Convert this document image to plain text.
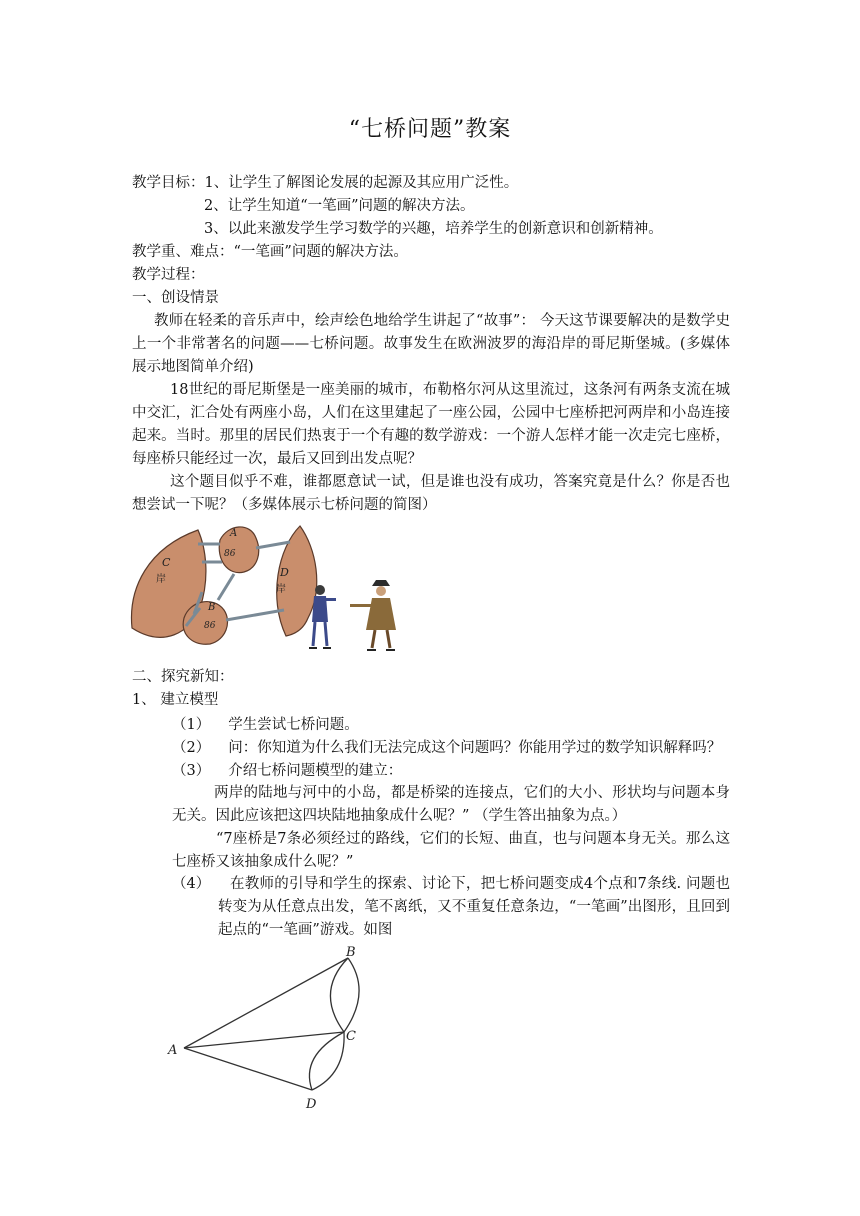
“七桥问题”教案
教学目标：1、让学生了解图论发展的起源及其应用广泛性。
2、让学生知道“一笔画”问题的解决方法。
3、以此来激发学生学习数学的兴趣，培养学生的创新意识和创新精神。
教学重、难点：“一笔画”问题的解决方法。
教学过程：
一、创设情景
教师在轻柔的音乐声中，绘声绘色地给学生讲起了“故事”： 今天这节课要解决的是数学史上一个非常著名的问题——七桥问题。故事发生在欧洲波罗的海沿岸的哥尼斯堡城。(多媒体展示地图简单介绍)
18世纪的哥尼斯堡是一座美丽的城市，布勒格尔河从这里流过，这条河有两条支流在城中交汇，汇合处有两座小岛，人们在这里建起了一座公园，公园中七座桥把河两岸和小岛连接起来。当时。那里的居民们热衷于一个有趣的数学游戏：一个游人怎样才能一次走完七座桥，每座桥只能经过一次，最后又回到出发点呢？
这个题目似乎不难，谁都愿意试一试，但是谁也没有成功，答案究竟是什么？你是否也想尝试一下呢？（多媒体展示七桥问题的简图）
C
岸
D
岸
A
86
B
86
二、探究新知：
1、 建立模型
（1） 学生尝试七桥问题。
（2） 问：你知道为什么我们无法完成这个问题吗？你能用学过的数学知识解释吗？
（3） 介绍七桥问题模型的建立：
两岸的陆地与河中的小岛，都是桥梁的连接点，它们的大小、形状均与问题本身无关。因此应该把这四块陆地抽象成什么呢？” （学生答出抽象为点。）
“7座桥是7条必须经过的路线，它们的长短、曲直，也与问题本身无关。那么这七座桥又该抽象成什么呢？”
（4）	在教师的引导和学生的探索、讨论下，把七桥问题变成4个点和7条线. 问题也转变为从任意点出发，笔不离纸，又不重复任意条边，“一笔画”出图形，且回到起点的“一笔画”游戏。如图
A
B
C
D
